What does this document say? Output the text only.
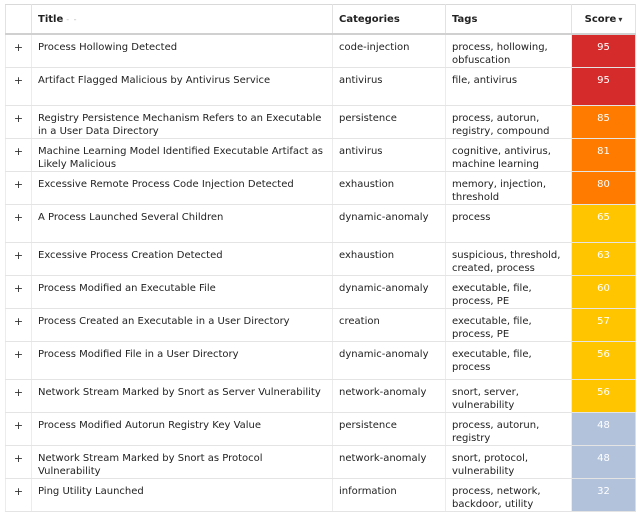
	Title - -	Categories	Tags	Score ▾
+	Process Hollowing Detected	code-injection	process, hollowing, obfuscation	95
+	Artifact Flagged Malicious by Antivirus Service	antivirus	file, antivirus	95
+	Registry Persistence Mechanism Refers to an Executable in a User Data Directory	persistence	process, autorun, registry, compound	85
+	Machine Learning Model Identified Executable Artifact as Likely Malicious	antivirus	cognitive, antivirus, machine learning	81
+	Excessive Remote Process Code Injection Detected	exhaustion	memory, injection, threshold	80
+	A Process Launched Several Children	dynamic-anomaly	process	65
+	Excessive Process Creation Detected	exhaustion	suspicious, threshold, created, process	63
+	Process Modified an Executable File	dynamic-anomaly	executable, file, process, PE	60
+	Process Created an Executable in a User Directory	creation	executable, file, process, PE	57
+	Process Modified File in a User Directory	dynamic-anomaly	executable, file, process	56
+	Network Stream Marked by Snort as Server Vulnerability	network-anomaly	snort, server, vulnerability	56
+	Process Modified Autorun Registry Key Value	persistence	process, autorun, registry	48
+	Network Stream Marked by Snort as Protocol Vulnerability	network-anomaly	snort, protocol, vulnerability	48
+	Ping Utility Launched	information	process, network, backdoor, utility	32
